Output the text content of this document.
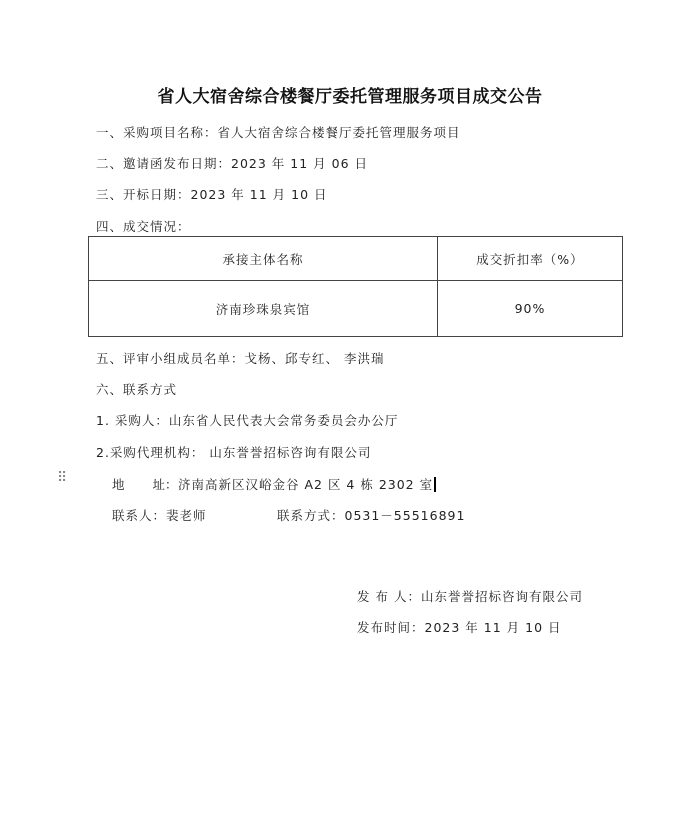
省人大宿舍综合楼餐厅委托管理服务项目成交公告
一、采购项目名称：省人大宿舍综合楼餐厅委托管理服务项目
二、邀请函发布日期：2023 年 11 月 06 日
三、开标日期：2023 年 11 月 10 日
四、成交情况：
承接主体名称	成交折扣率（%）
济南珍珠泉宾馆	90%
五、评审小组成员名单：戈杨、邱专红、 李洪瑞
六、联系方式
1. 采购人：山东省人民代表大会常务委员会办公厅
2.采购代理机构： 山东誉誉招标咨询有限公司
⠿	地 址：济南高新区汉峪金谷 A2 区 4 栋 2302 室
联系人：裴老师	联系方式：0531－55516891
发 布 人：山东誉誉招标咨询有限公司
发布时间：2023 年 11 月 10 日
